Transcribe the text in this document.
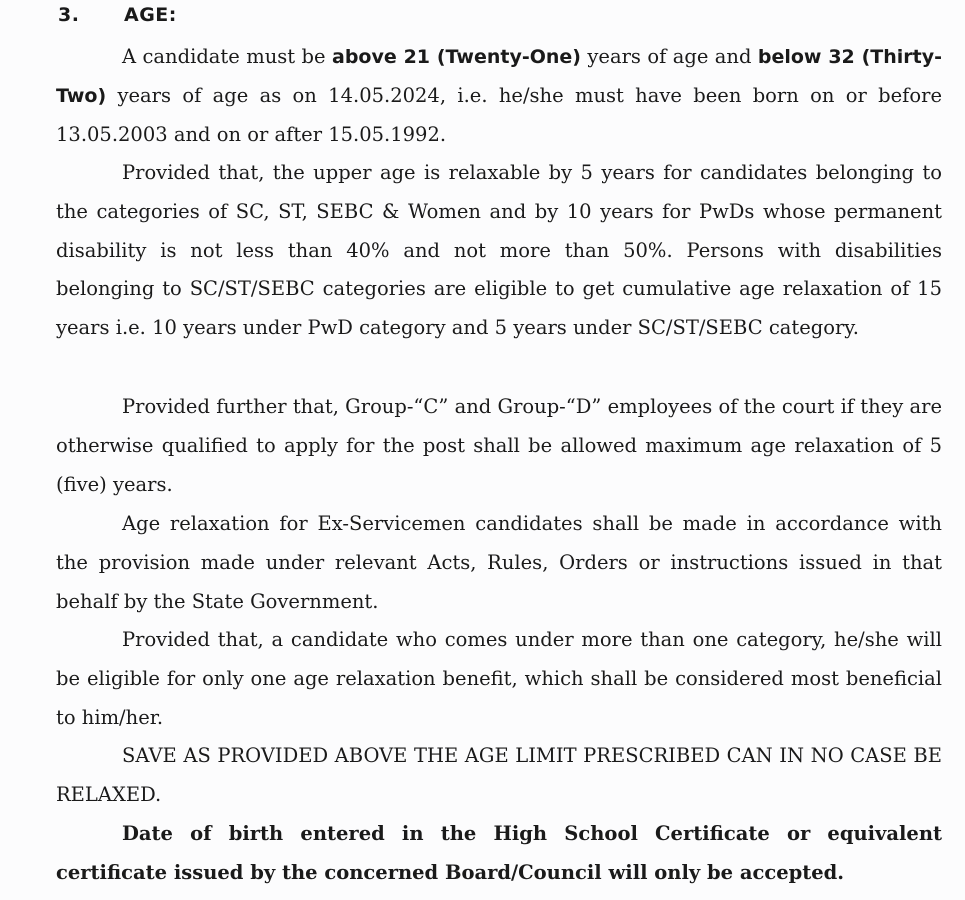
3. AGE:

A candidate must be above 21 (Twenty-One) years of age and below 32 (Thirty-Two) years of age as on 14.05.2024, i.e. he/she must have been born on or before 13.05.2003 and on or after 15.05.1992.

Provided that, the upper age is relaxable by 5 years for candidates belonging to the categories of SC, ST, SEBC & Women and by 10 years for PwDs whose permanent disability is not less than 40% and not more than 50%. Persons with disabilities belonging to SC/ST/SEBC categories are eligible to get cumulative age relaxation of 15 years i.e. 10 years under PwD category and 5 years under SC/ST/SEBC category.

Provided further that, Group-“C” and Group-“D” employees of the court if they are otherwise qualified to apply for the post shall be allowed maximum age relaxation of 5 (five) years.

Age relaxation for Ex-Servicemen candidates shall be made in accordance with the provision made under relevant Acts, Rules, Orders or instructions issued in that behalf by the State Government.

Provided that, a candidate who comes under more than one category, he/she will be eligible for only one age relaxation benefit, which shall be considered most beneficial to him/her.

SAVE AS PROVIDED ABOVE THE AGE LIMIT PRESCRIBED CAN IN NO CASE BE RELAXED.

Date of birth entered in the High School Certificate or equivalent certificate issued by the concerned Board/Council will only be accepted.
